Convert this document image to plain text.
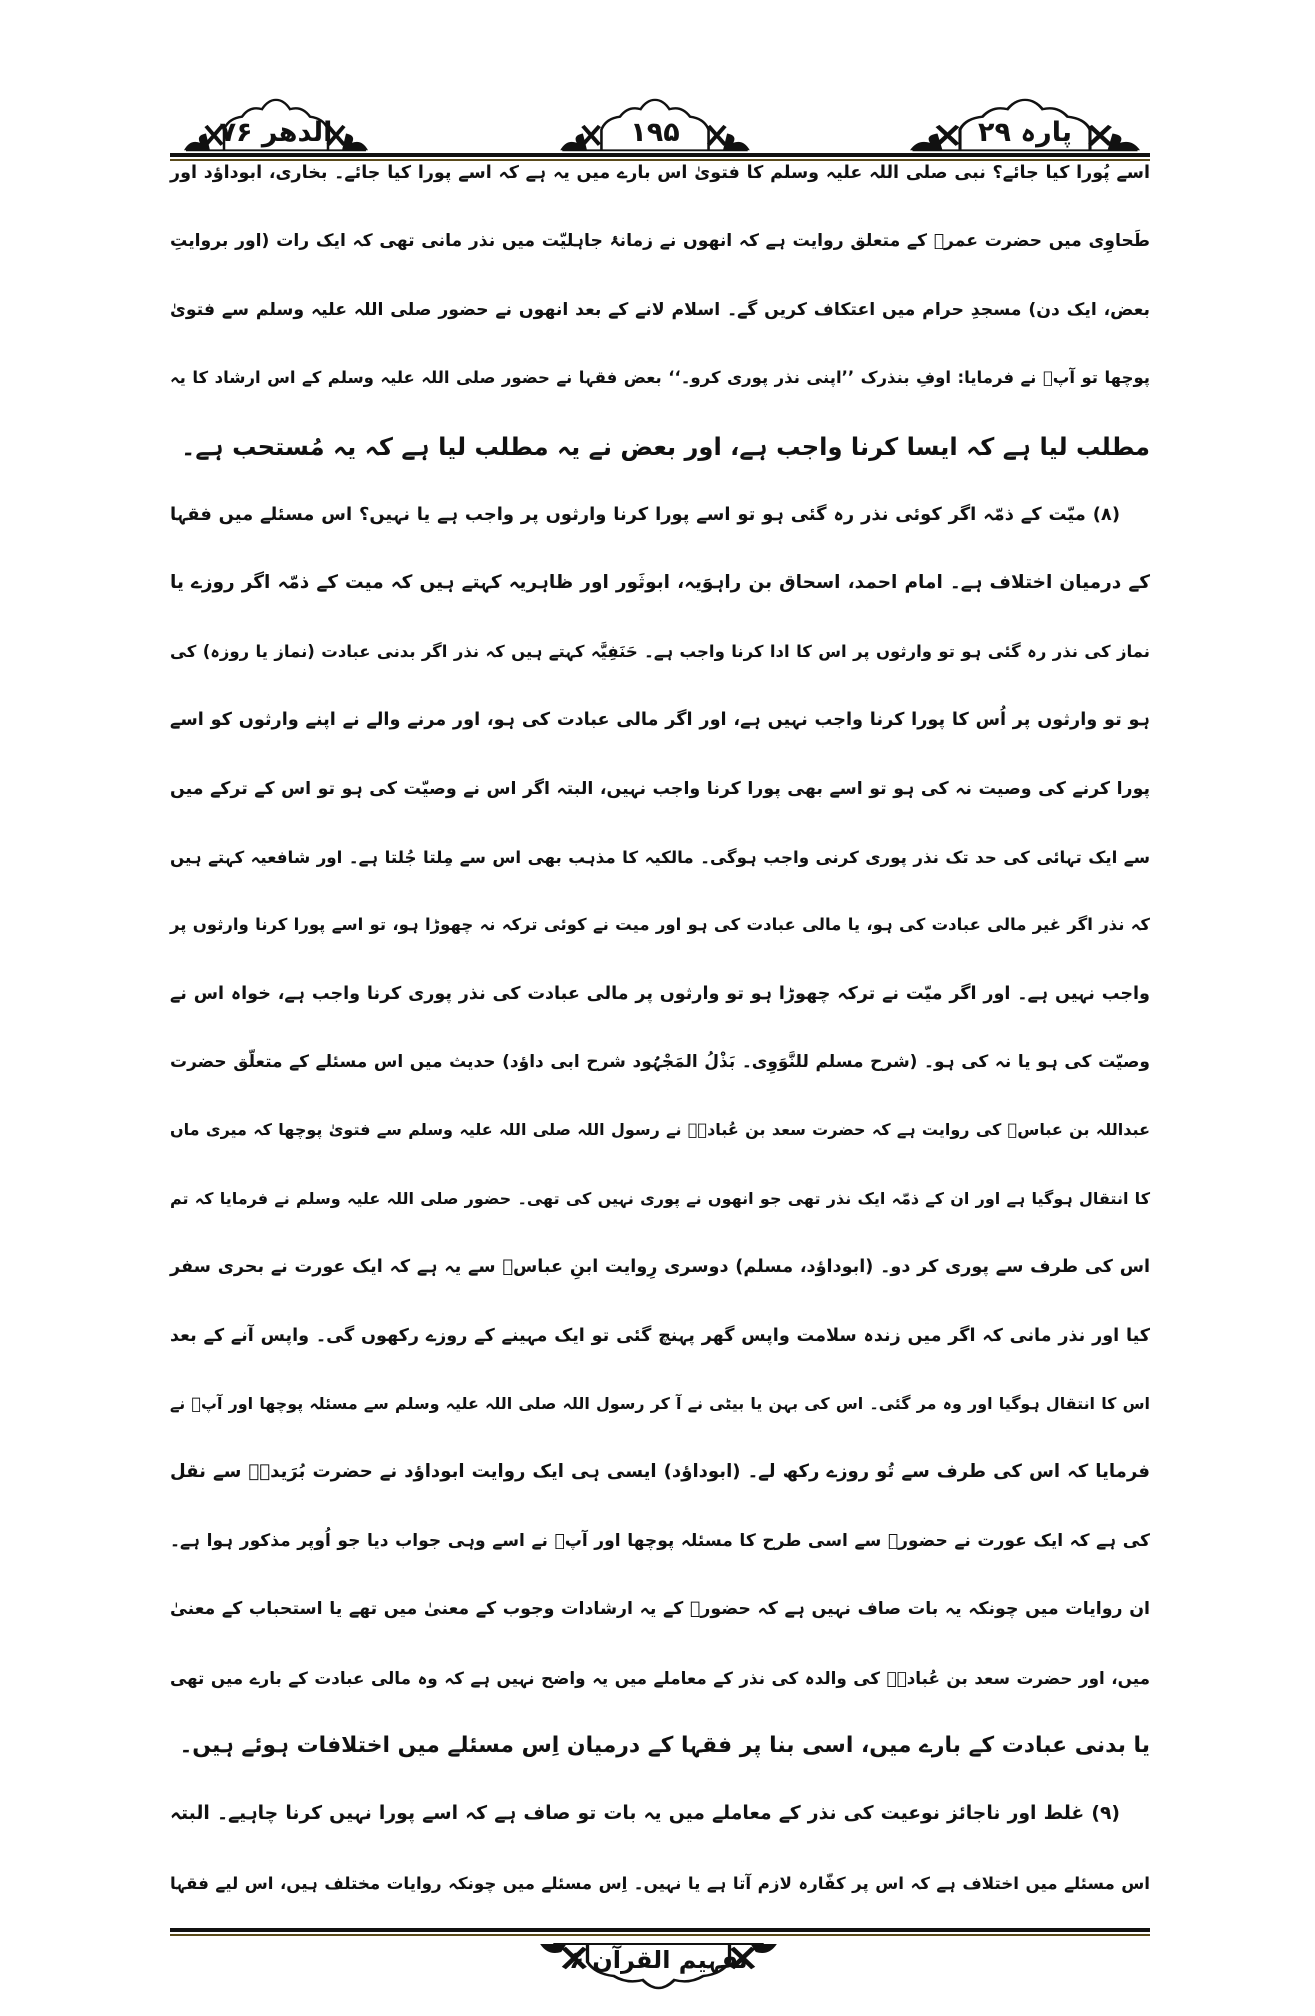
الدھر ۷۶	۱۹۵	پارہ ۲۹
اسے پُورا کیا جائے؟ نبی صلی اللہ علیہ وسلم کا فتویٰ اس بارے میں یہ ہے کہ اسے پورا کیا جائے۔ بخاری، ابوداؤد اور
طَحاوِی میں حضرت عمرؓ کے متعلق روایت ہے کہ انھوں نے زمانۂ جاہلیّت میں نذر مانی تھی کہ ایک رات (اور بروایتِ
بعض، ایک دن) مسجدِ حرام میں اعتکاف کریں گے۔ اسلام لانے کے بعد انھوں نے حضور صلی اللہ علیہ وسلم سے فتویٰ
پوچھا تو آپؐ نے فرمایا: اوفِ بنذرک ’’اپنی نذر پوری کرو۔‘‘ بعض فقہا نے حضور صلی اللہ علیہ وسلم کے اس ارشاد کا یہ
مطلب لیا ہے کہ ایسا کرنا واجب ہے، اور بعض نے یہ مطلب لیا ہے کہ یہ مُستحب ہے۔
(۸) میّت کے ذمّہ اگر کوئی نذر رہ گئی ہو تو اسے پورا کرنا وارثوں پر واجب ہے یا نہیں؟ اس مسئلے میں فقہا
کے درمیان اختلاف ہے۔ امام احمد، اسحاق بن راہوَیہ، ابوثَور اور ظاہریہ کہتے ہیں کہ میت کے ذمّہ اگر روزے یا
نماز کی نذر رہ گئی ہو تو وارثوں پر اس کا ادا کرنا واجب ہے۔ حَنَفِیَّہ کہتے ہیں کہ نذر اگر بدنی عبادت (نماز یا روزہ) کی
ہو تو وارثوں پر اُس کا پورا کرنا واجب نہیں ہے، اور اگر مالی عبادت کی ہو، اور مرنے والے نے اپنے وارثوں کو اسے
پورا کرنے کی وصیت نہ کی ہو تو اسے بھی پورا کرنا واجب نہیں، البتہ اگر اس نے وصیّت کی ہو تو اس کے ترکے میں
سے ایک تہائی کی حد تک نذر پوری کرنی واجب ہوگی۔ مالکیہ کا مذہب بھی اس سے مِلتا جُلتا ہے۔ اور شافعیہ کہتے ہیں
کہ نذر اگر غیر مالی عبادت کی ہو، یا مالی عبادت کی ہو اور میت نے کوئی ترکہ نہ چھوڑا ہو، تو اسے پورا کرنا وارثوں پر
واجب نہیں ہے۔ اور اگر میّت نے ترکہ چھوڑا ہو تو وارثوں پر مالی عبادت کی نذر پوری کرنا واجب ہے، خواہ اس نے
وصیّت کی ہو یا نہ کی ہو۔ (شرح مسلم للنَّوَوِی۔ بَذْلُ المَجْہُود شرح ابی داؤد) حدیث میں اس مسئلے کے متعلّق حضرت
عبداللہ بن عباسؓ کی روایت ہے کہ حضرت سعد بن عُبادہؓ نے رسول اللہ صلی اللہ علیہ وسلم سے فتویٰ پوچھا کہ میری ماں
کا انتقال ہوگیا ہے اور ان کے ذمّہ ایک نذر تھی جو انھوں نے پوری نہیں کی تھی۔ حضور صلی اللہ علیہ وسلم نے فرمایا کہ تم
اس کی طرف سے پوری کر دو۔ (ابوداؤد، مسلم) دوسری رِوایت ابنِ عباسؓ سے یہ ہے کہ ایک عورت نے بحری سفر
کیا اور نذر مانی کہ اگر میں زندہ سلامت واپس گھر پہنچ گئی تو ایک مہینے کے روزے رکھوں گی۔ واپس آنے کے بعد
اس کا انتقال ہوگیا اور وہ مر گئی۔ اس کی بہن یا بیٹی نے آ کر رسول اللہ صلی اللہ علیہ وسلم سے مسئلہ پوچھا اور آپؐ نے
فرمایا کہ اس کی طرف سے تُو روزے رکھ لے۔ (ابوداؤد) ایسی ہی ایک روایت ابوداؤد نے حضرت بُرَیدہؓ سے نقل
کی ہے کہ ایک عورت نے حضورؐ سے اسی طرح کا مسئلہ پوچھا اور آپؐ نے اسے وہی جواب دیا جو اُوپر مذکور ہوا ہے۔
ان روایات میں چونکہ یہ بات صاف نہیں ہے کہ حضورؐ کے یہ ارشادات وجوب کے معنیٰ میں تھے یا استحباب کے معنیٰ
میں، اور حضرت سعد بن عُبادہؓ کی والدہ کی نذر کے معاملے میں یہ واضح نہیں ہے کہ وہ مالی عبادت کے بارے میں تھی
یا بدنی عبادت کے بارے میں، اسی بنا پر فقہا کے درمیان اِس مسئلے میں اختلافات ہوئے ہیں۔
(۹) غلط اور ناجائز نوعیت کی نذر کے معاملے میں یہ بات تو صاف ہے کہ اسے پورا نہیں کرنا چاہیے۔ البتہ
اس مسئلے میں اختلاف ہے کہ اس پر کفّارہ لازم آتا ہے یا نہیں۔ اِس مسئلے میں چونکہ روایات مختلف ہیں، اس لیے فقہا
تفہیم القرآن ۶
